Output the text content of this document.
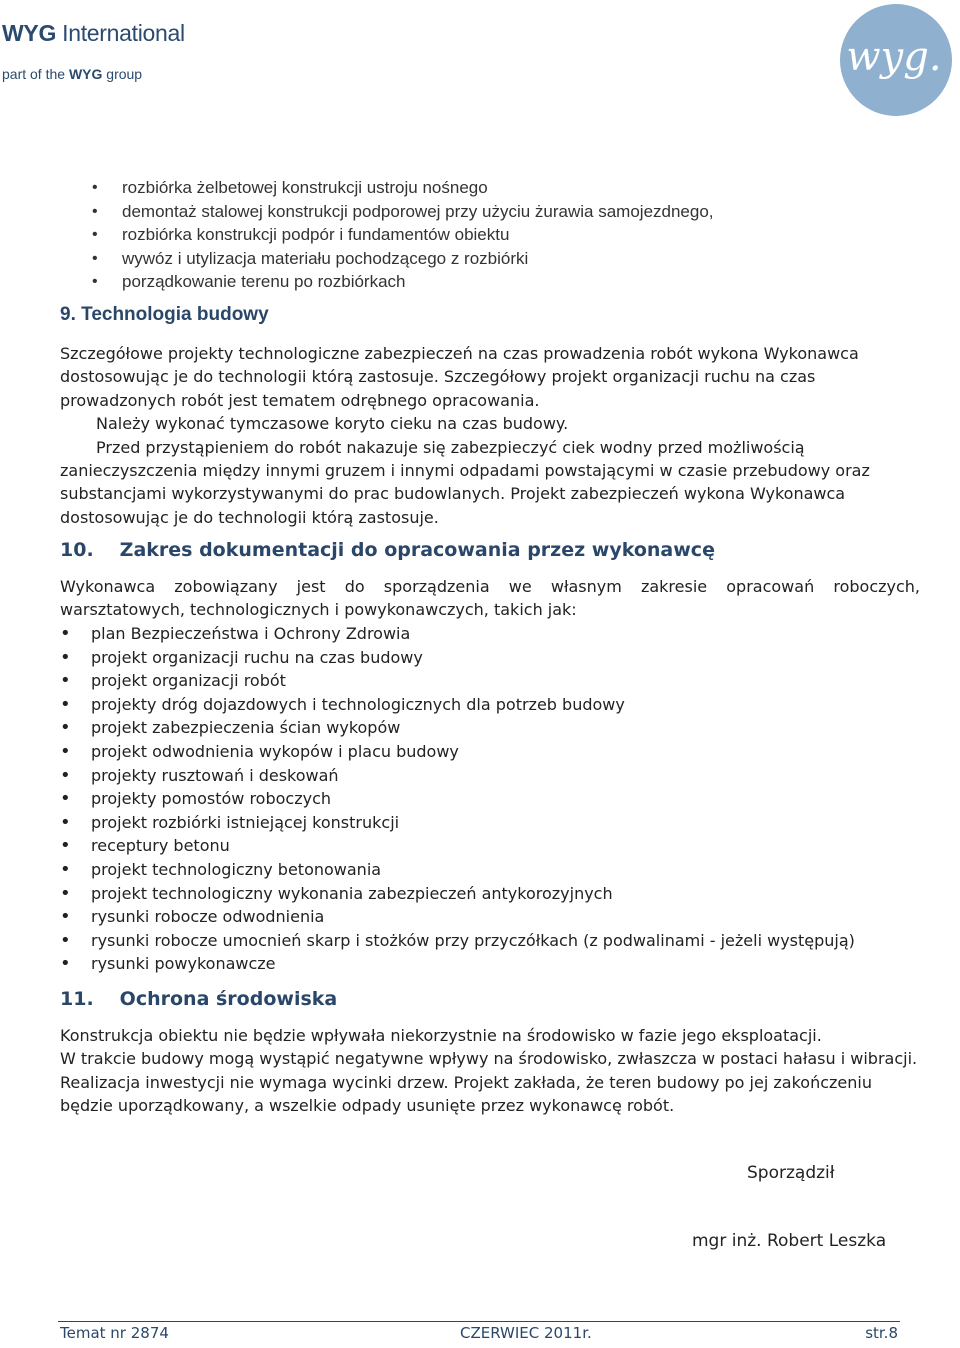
WYG International
part of the WYG group	wyg.
• rozbiórka żelbetowej konstrukcji ustroju nośnego
• demontaż stalowej konstrukcji podporowej przy użyciu żurawia samojezdnego,
• rozbiórka konstrukcji podpór i fundamentów obiektu
• wywóz i utylizacja materiału pochodzącego z rozbiórki
• porządkowanie terenu po rozbiórkach
9. Technologia budowy
Szczegółowe projekty technologiczne zabezpieczeń na czas prowadzenia robót wykona Wykonawca dostosowując je do technologii którą zastosuje. Szczegółowy projekt organizacji ruchu na czas prowadzonych robót jest tematem odrębnego opracowania.
Należy wykonać tymczasowe koryto cieku na czas budowy.
Przed przystąpieniem do robót nakazuje się zabezpieczyć ciek wodny przed możliwością zanieczyszczenia między innymi gruzem i innymi odpadami powstającymi w czasie przebudowy oraz substancjami wykorzystywanymi do prac budowlanych. Projekt zabezpieczeń wykona Wykonawca dostosowując je do technologii którą zastosuje.
10. Zakres dokumentacji do opracowania przez wykonawcę
Wykonawca zobowiązany jest do sporządzenia we własnym zakresie opracowań roboczych, warsztatowych, technologicznych i powykonawczych, takich jak:
• plan Bezpieczeństwa i Ochrony Zdrowia
• projekt organizacji ruchu na czas budowy
• projekt organizacji robót
• projekty dróg dojazdowych i technologicznych dla potrzeb budowy
• projekt zabezpieczenia ścian wykopów
• projekt odwodnienia wykopów i placu budowy
• projekty rusztowań i deskowań
• projekty pomostów roboczych
• projekt rozbiórki istniejącej konstrukcji
• receptury betonu
• projekt technologiczny betonowania
• projekt technologiczny wykonania zabezpieczeń antykorozyjnych
• rysunki robocze odwodnienia
• rysunki robocze umocnień skarp i stożków przy przyczółkach (z podwalinami - jeżeli występują)
• rysunki powykonawcze
11. Ochrona środowiska
Konstrukcja obiektu nie będzie wpływała niekorzystnie na środowisko w fazie jego eksploatacji.
W trakcie budowy mogą wystąpić negatywne wpływy na środowisko, zwłaszcza w postaci hałasu i wibracji. Realizacja inwestycji nie wymaga wycinki drzew. Projekt zakłada, że teren budowy po jej zakończeniu będzie uporządkowany, a wszelkie odpady usunięte przez wykonawcę robót.
Sporządził
mgr inż. Robert Leszka
Temat nr 2874	CZERWIEC 2011r.	str.8
